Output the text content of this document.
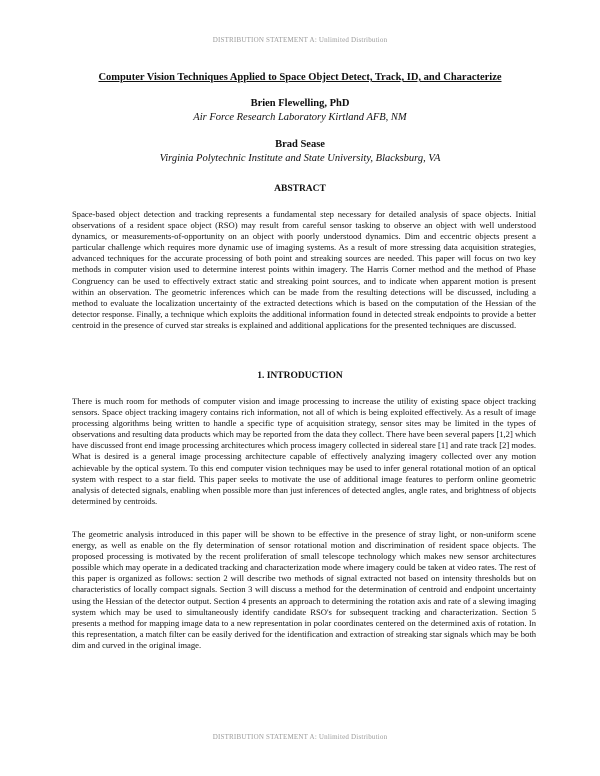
DISTRIBUTION STATEMENT A: Unlimited Distribution
Computer Vision Techniques Applied to Space Object Detect, Track, ID, and Characterize
Brien Flewelling, PhD
Air Force Research Laboratory Kirtland AFB, NM
Brad Sease
Virginia Polytechnic Institute and State University, Blacksburg, VA
ABSTRACT
Space-based object detection and tracking represents a fundamental step necessary for detailed analysis of space objects. Initial observations of a resident space object (RSO) may result from careful sensor tasking to observe an object with well understood dynamics, or measurements-of-opportunity on an object with poorly understood dynamics. Dim and eccentric objects present a particular challenge which requires more dynamic use of imaging systems. As a result of more stressing data acquisition strategies, advanced techniques for the accurate processing of both point and streaking sources are needed. This paper will focus on two key methods in computer vision used to determine interest points within imagery. The Harris Corner method and the method of Phase Congruency can be used to effectively extract static and streaking point sources, and to indicate when apparent motion is present within an observation. The geometric inferences which can be made from the resulting detections will be discussed, including a method to evaluate the localization uncertainty of the extracted detections which is based on the computation of the Hessian of the detector response. Finally, a technique which exploits the additional information found in detected streak endpoints to provide a better centroid in the presence of curved star streaks is explained and additional applications for the presented techniques are discussed.
1. INTRODUCTION
There is much room for methods of computer vision and image processing to increase the utility of existing space object tracking sensors. Space object tracking imagery contains rich information, not all of which is being exploited effectively. As a result of image processing algorithms being written to handle a specific type of acquisition strategy, sensor sites may be limited in the types of observations and resulting data products which may be reported from the data they collect. There have been several papers [1,2] which have discussed front end image processing architectures which process imagery collected in sidereal stare [1] and rate track [2] modes. What is desired is a general image processing architecture capable of effectively analyzing imagery collected over any motion achievable by the optical system. To this end computer vision techniques may be used to infer general rotational motion of an optical system with respect to a star field. This paper seeks to motivate the use of additional image features to perform online geometric analysis of detected signals, enabling when possible more than just inferences of detected angles, angle rates, and brightness of objects determined by centroids.
The geometric analysis introduced in this paper will be shown to be effective in the presence of stray light, or non-uniform scene energy, as well as enable on the fly determination of sensor rotational motion and discrimination of resident space objects. The proposed processing is motivated by the recent proliferation of small telescope technology which makes new sensor architectures possible which may operate in a dedicated tracking and characterization mode where imagery could be taken at video rates. The rest of this paper is organized as follows: section 2 will describe two methods of signal extracted not based on intensity thresholds but on characteristics of locally compact signals. Section 3 will discuss a method for the determination of centroid and endpoint uncertainty using the Hessian of the detector output. Section 4 presents an approach to determining the rotation axis and rate of a slewing imaging system which may be used to simultaneously identify candidate RSO's for subsequent tracking and characterization. Section 5 presents a method for mapping image data to a new representation in polar coordinates centered on the determined axis of rotation. In this representation, a match filter can be easily derived for the identification and extraction of streaking star signals which may be both dim and curved in the original image.
DISTRIBUTION STATEMENT A: Unlimited Distribution
